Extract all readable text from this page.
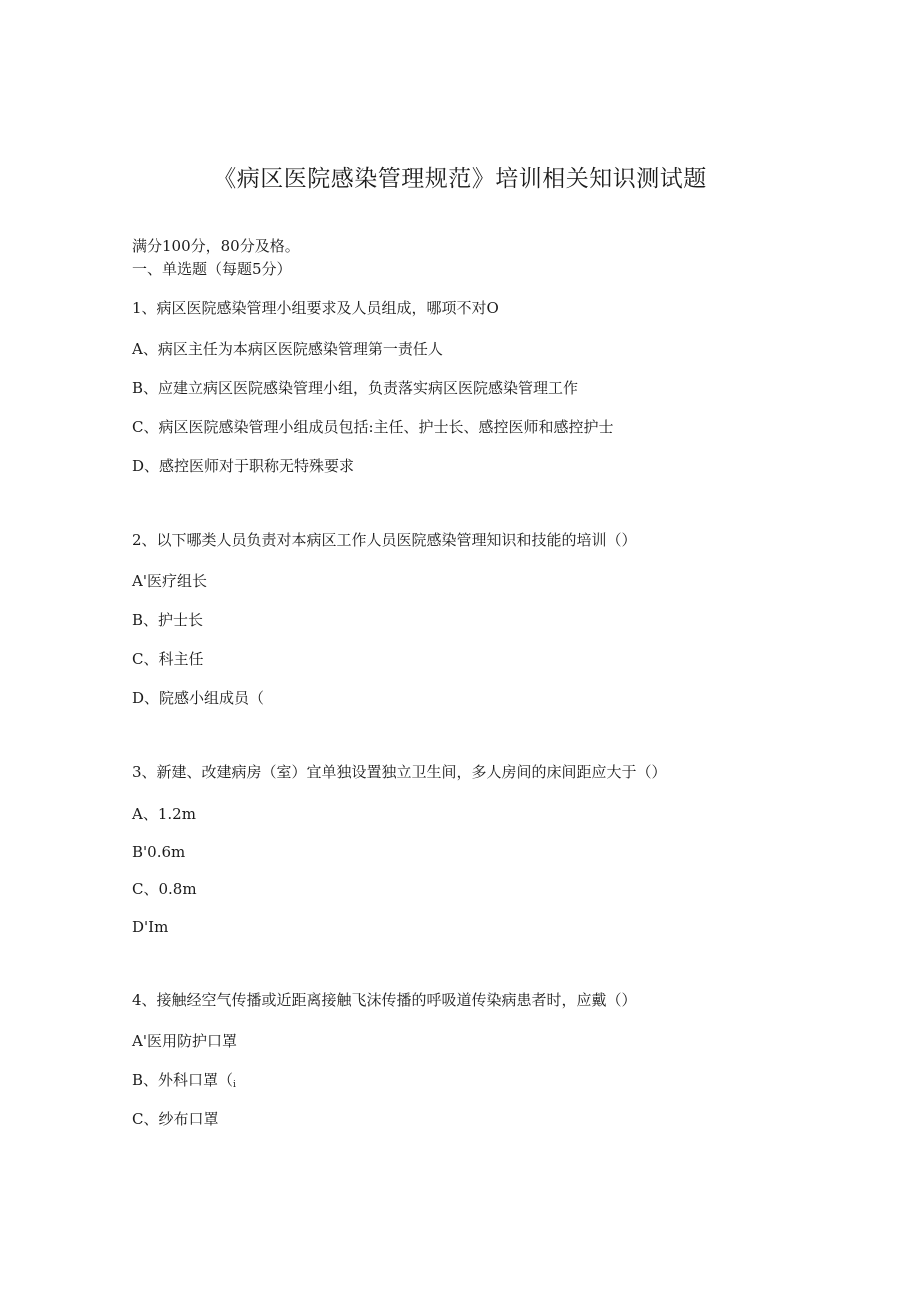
《病区医院感染管理规范》培训相关知识测试题
满分100分，80分及格。
一、单选题（每题5分）
1、病区医院感染管理小组要求及人员组成，哪项不对O
A、病区主任为本病区医院感染管理第一责任人
B、应建立病区医院感染管理小组，负责落实病区医院感染管理工作
C、病区医院感染管理小组成员包括:主任、护士长、感控医师和感控护士
D、感控医师对于职称无特殊要求
2、以下哪类人员负责对本病区工作人员医院感染管理知识和技能的培训（）
A'医疗组长
B、护士长
C、科主任
D、院感小组成员（
3、新建、改建病房（室）宜单独设置独立卫生间，多人房间的床间距应大于（）
A、1.2m
B'0.6m
C、0.8m
D'Im
4、接触经空气传播或近距离接触飞沫传播的呼吸道传染病患者时，应戴（）
A'医用防护口罩
B、外科口罩（i
C、纱布口罩
